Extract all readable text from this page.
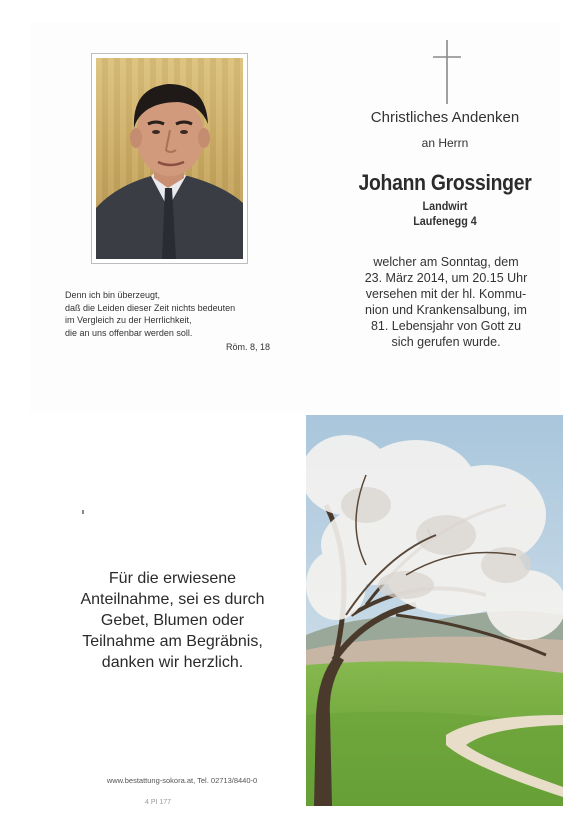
Denn ich bin überzeugt,
daß die Leiden dieser Zeit nichts bedeuten
im Vergleich zu der Herrlichkeit,
die an uns offenbar werden soll.
Röm. 8, 18
Christliches Andenken
an Herrn
Johann Grossinger
Landwirt
Laufenegg 4
welcher am Sonntag, dem
23. März 2014, um 20.15 Uhr
versehen mit der hl. Kommu-
nion und Krankensalbung, im
81. Lebensjahr von Gott zu
sich gerufen wurde.
Für die erwiesene
Anteilnahme, sei es durch
Gebet, Blumen oder
Teilnahme am Begräbnis,
danken wir herzlich.
www.bestattung-sokora.at, Tel. 02713/8440-0
4 PI 177
